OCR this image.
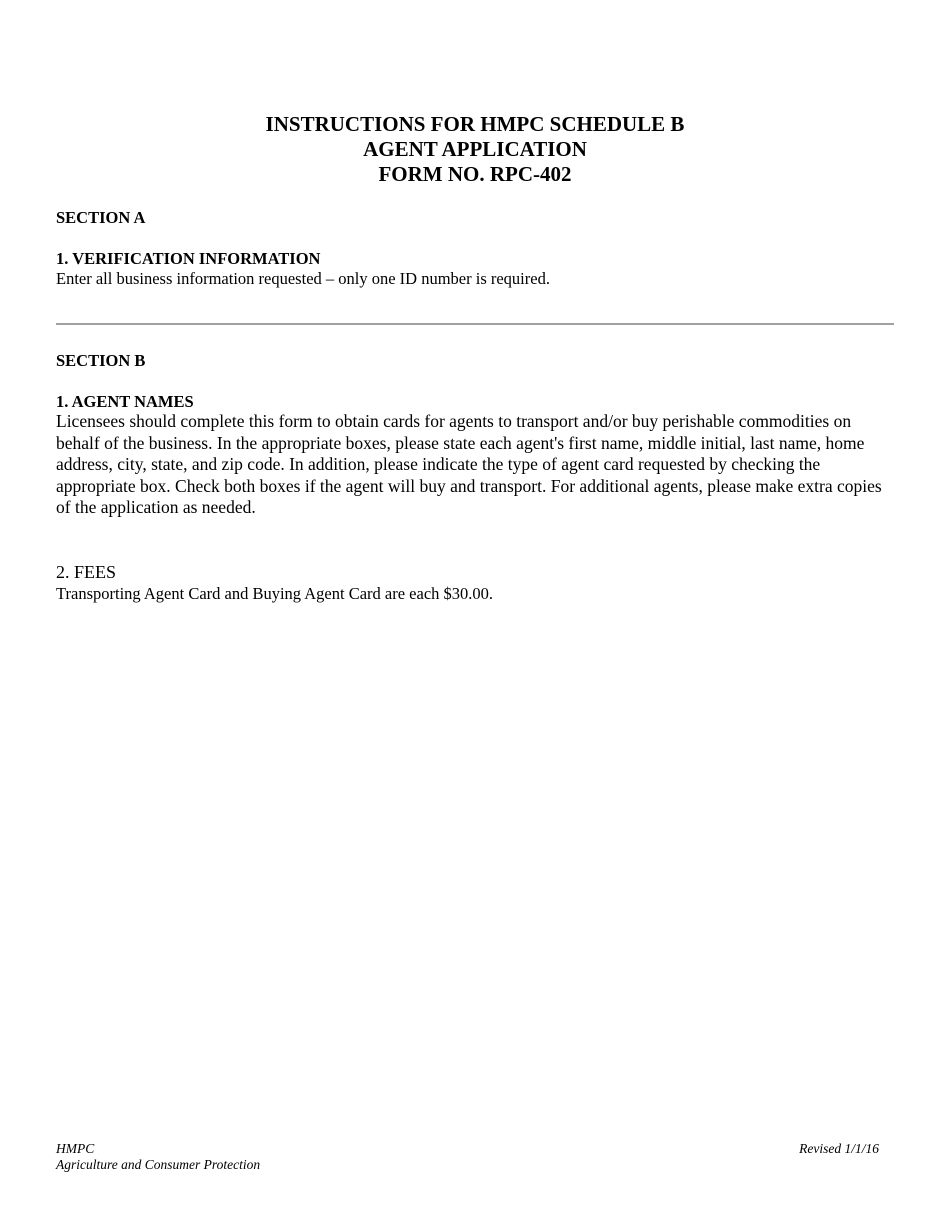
INSTRUCTIONS FOR HMPC SCHEDULE B
AGENT APPLICATION
FORM NO. RPC-402
SECTION A
1. VERIFICATION INFORMATION
Enter all business information requested – only one ID number is required.
SECTION B
1. AGENT NAMES
Licensees should complete this form to obtain cards for agents to transport and/or buy perishable commodities on behalf of the business. In the appropriate boxes, please state each agent's first name, middle initial, last name, home address, city, state, and zip code. In addition, please indicate the type of agent card requested by checking the appropriate box. Check both boxes if the agent will buy and transport. For additional agents, please make extra copies of the application as needed.
2. FEES
Transporting Agent Card and Buying Agent Card are each $30.00.
HMPC
Agriculture and Consumer Protection
Revised 1/1/16
